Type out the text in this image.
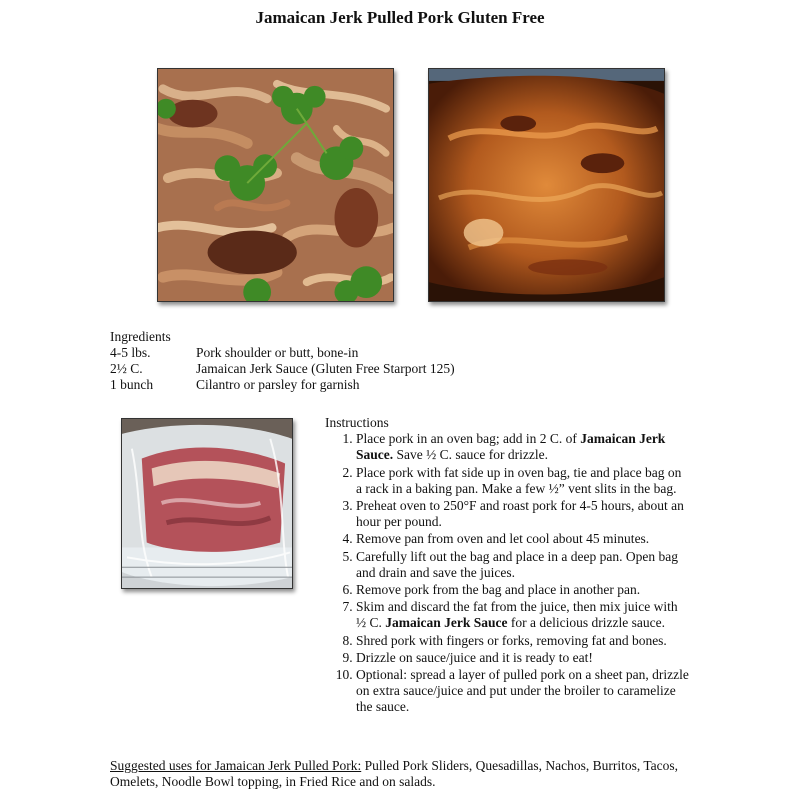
Jamaican Jerk Pulled Pork Gluten Free
Ingredients
4-5 lbs.	Pork shoulder or butt, bone-in
2½ C.	Jamaican Jerk Sauce (Gluten Free Starport 125)
1 bunch	Cilantro or parsley for garnish
Instructions
1. Place pork in an oven bag; add in 2 C. of Jamaican Jerk Sauce. Save ½ C. sauce for drizzle.
2. Place pork with fat side up in oven bag, tie and place bag on a rack in a baking pan. Make a few ½” vent slits in the bag.
3. Preheat oven to 250°F and roast pork for 4-5 hours, about an hour per pound.
4. Remove pan from oven and let cool about 45 minutes.
5. Carefully lift out the bag and place in a deep pan. Open bag and drain and save the juices.
6. Remove pork from the bag and place in another pan.
7. Skim and discard the fat from the juice, then mix juice with ½ C. Jamaican Jerk Sauce for a delicious drizzle sauce.
8. Shred pork with fingers or forks, removing fat and bones.
9. Drizzle on sauce/juice and it is ready to eat!
10. Optional: spread a layer of pulled pork on a sheet pan, drizzle on extra sauce/juice and put under the broiler to caramelize the sauce.
Suggested uses for Jamaican Jerk Pulled Pork: Pulled Pork Sliders, Quesadillas, Nachos, Burritos, Tacos, Omelets, Noodle Bowl topping, in Fried Rice and on salads.
